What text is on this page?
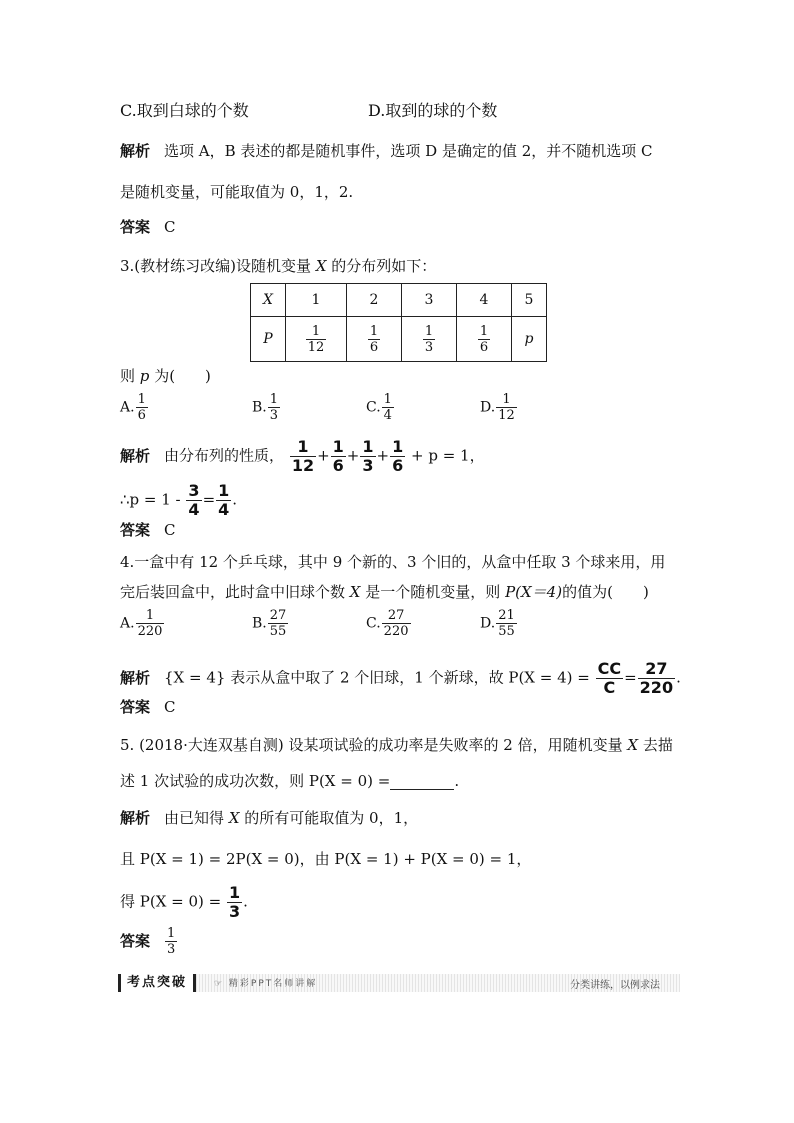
C.取到白球的个数	D.取到的球的个数
解析 选项 A，B 表述的都是随机事件，选项 D 是确定的值 2，并不随机选项 C
是随机变量，可能取值为 0，1，2.
答案 C
3.(教材练习改编)设随机变量 X 的分布列如下：
X	1	2	3	4	5
P	$\frac{1}{12}$	$\frac{1}{6}$	$\frac{1}{3}$	$\frac{1}{6}$	p
则 p 为(　　)
A. $\frac{1}{6}$	B. $\frac{1}{3}$	C. $\frac{1}{4}$	D. $\frac{1}{12}$
解析 由分布列的性质， $\frac{1}{12} + \frac{1}{6} + \frac{1}{3} + \frac{1}{6} + p = 1$，
∴p = $1 - \frac{3}{4} = \frac{1}{4}$ .
答案 C
4.一盒中有 12 个乒乓球，其中 9 个新的、3 个旧的，从盒中任取 3 个球来用，用
完后装回盒中，此时盒中旧球个数 X 是一个随机变量，则 P(X＝4)的值为(　　)
A. $\frac{1}{220}$	B. $\frac{27}{55}$	C. $\frac{27}{220}$	D. $\frac{21}{55}$
解析 {X = 4} 表示从盒中取了 2 个旧球，1 个新球，故 $P(X = 4) = \frac{CC}{C} = \frac{27}{220}$ .
答案 C
5. (2018·大连双基自测) 设某项试验的成功率是失败率的 2 倍，用随机变量 X 去描
述 1 次试验的成功次数，则 P(X = 0) =	.
解析 由已知得 X 的所有可能取值为 0，1，
且 P(X = 1) = 2P(X = 0)，由 P(X = 1) + P(X = 0) = 1，
得 $P(X = 0) = \frac{1}{3}$ .
答案 $\frac{1}{3}$
考点突破	☞ 精彩PPT名师讲解	分类讲练，以例求法
